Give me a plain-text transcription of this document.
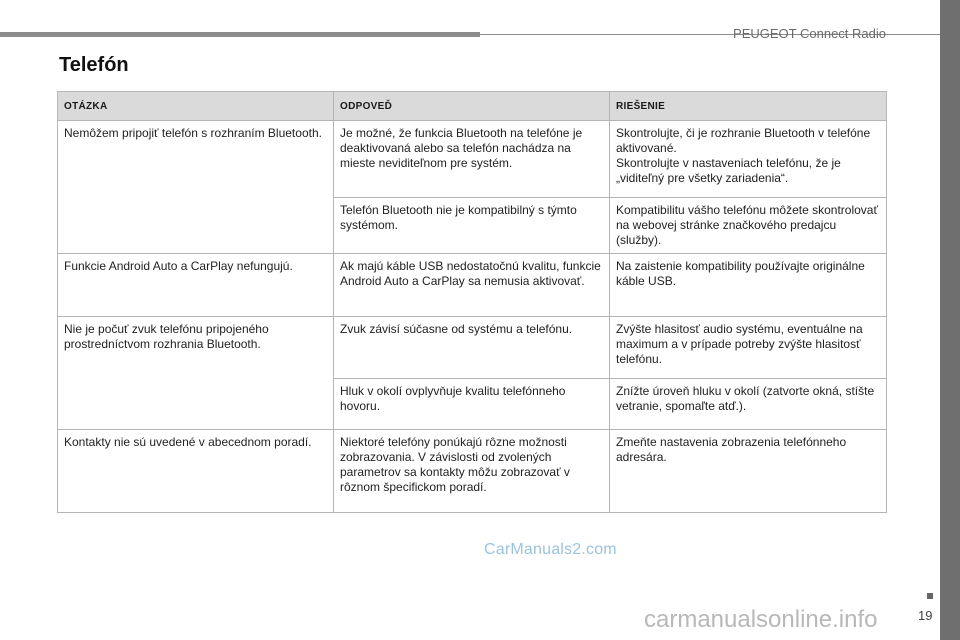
PEUGEOT Connect Radio
Telefón
OTÁZKA	ODPOVEĎ	RIEŠENIE
Nemôžem pripojiť telefón s rozhraním Bluetooth.	Je možné, že funkcia Bluetooth na telefóne je deaktivovaná alebo sa telefón nachádza na mieste neviditeľnom pre systém.	Skontrolujte, či je rozhranie Bluetooth v telefóne aktivované.
Skontrolujte v nastaveniach telefónu, že je „viditeľný pre všetky zariadenia“.

	Telefón Bluetooth nie je kompatibilný s týmto systémom.	Kompatibilitu vášho telefónu môžete skontrolovať na webovej stránke značkového predajcu (služby).
Funkcie Android Auto a CarPlay nefungujú.	Ak majú káble USB nedostatočnú kvalitu, funkcie Android Auto a CarPlay sa nemusia aktivovať.	Na zaistenie kompatibility používajte originálne káble USB.
Nie je počuť zvuk telefónu pripojeného prostredníctvom rozhrania Bluetooth.	Zvuk závisí súčasne od systému a telefónu.	Zvýšte hlasitosť audio systému, eventuálne na maximum a v prípade potreby zvýšte hlasitosť telefónu.
	Hluk v okolí ovplyvňuje kvalitu telefónneho hovoru.	Znížte úroveň hluku v okolí (zatvorte okná, stíšte vetranie, spomaľte atď.).
Kontakty nie sú uvedené v abecednom poradí.	Niektoré telefóny ponúkajú rôzne možnosti zobrazovania. V závislosti od zvolených parametrov sa kontakty môžu zobrazovať v rôznom špecifickom poradí.	Zmeňte nastavenia zobrazenia telefónneho adresára.
CarManuals2.com
carmanualsonline.info	19
